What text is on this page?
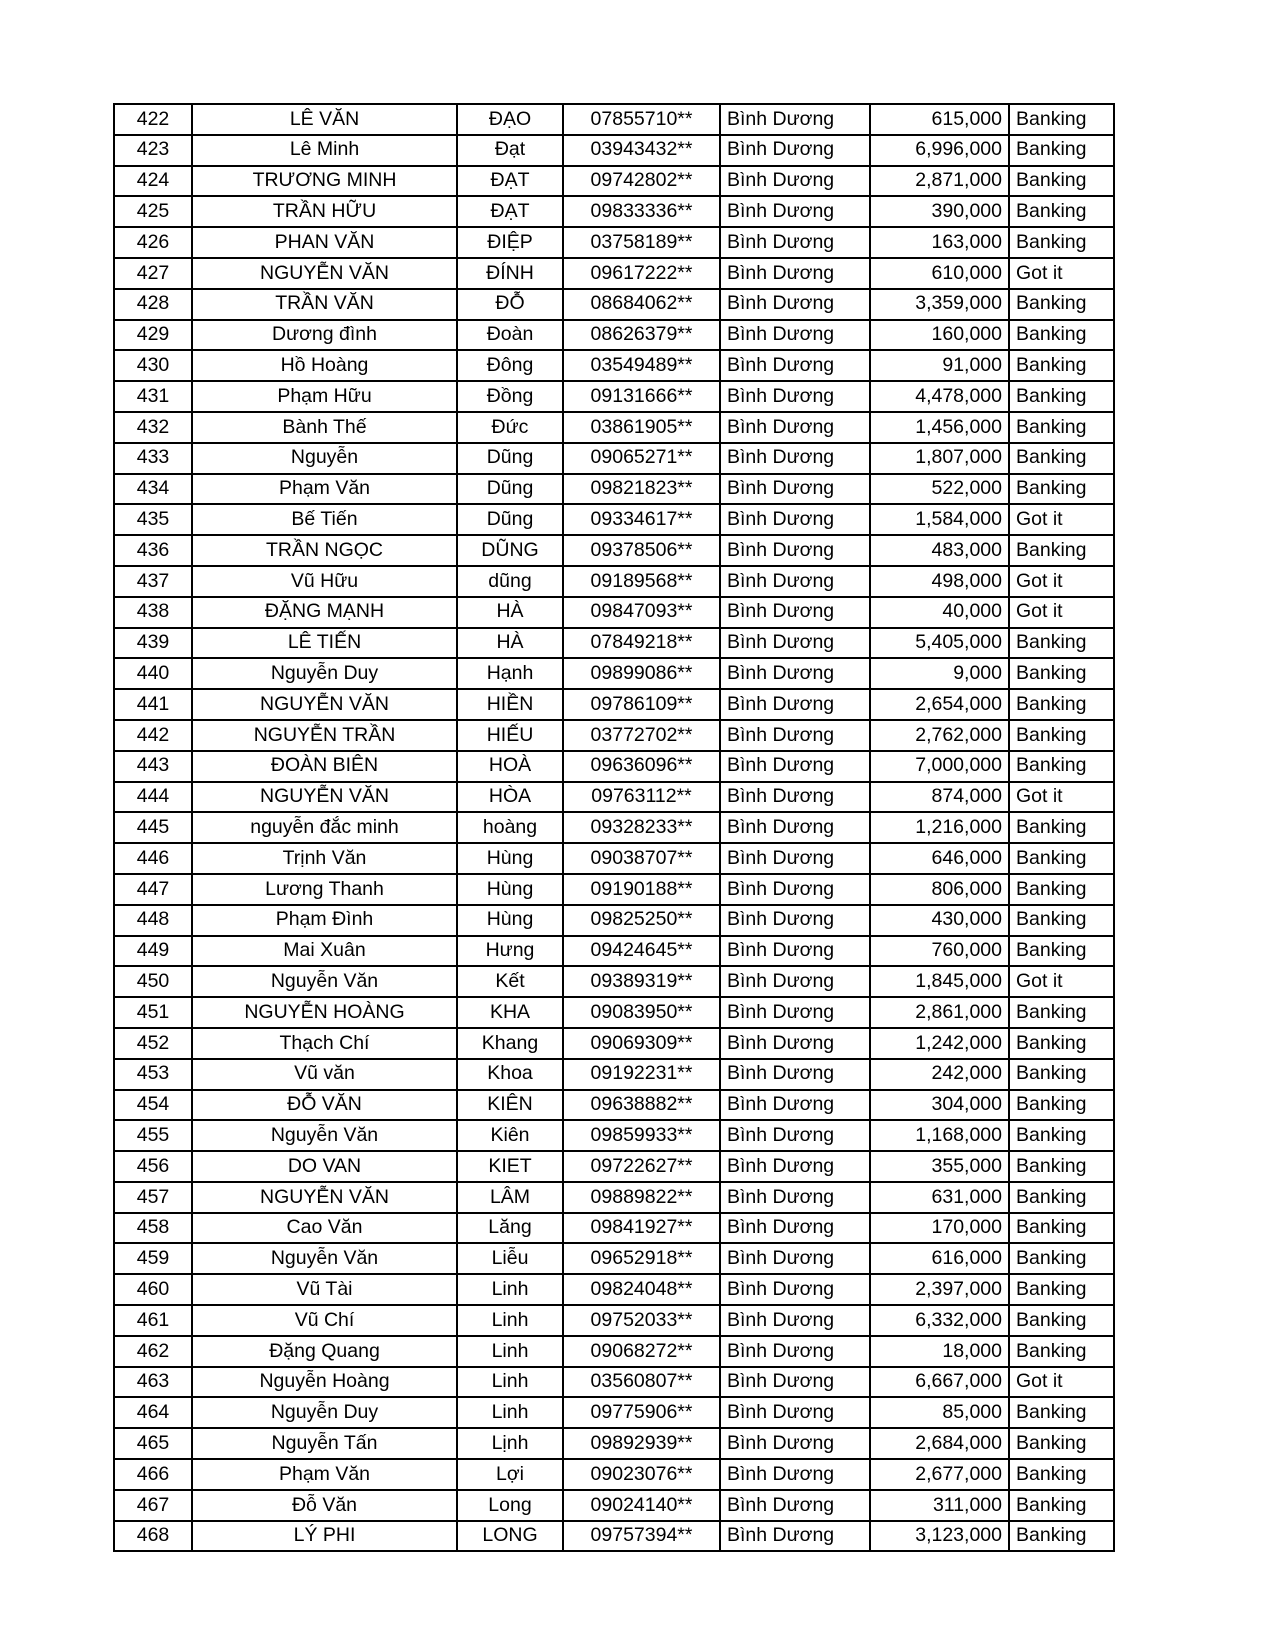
422	LÊ VĂN	ĐẠO	07855710**	Bình Dương	615,000	Banking
423	Lê Minh	Đạt	03943432**	Bình Dương	6,996,000	Banking
424	TRƯƠNG MINH	ĐẠT	09742802**	Bình Dương	2,871,000	Banking
425	TRẦN HỮU	ĐẠT	09833336**	Bình Dương	390,000	Banking
426	PHAN VĂN	ĐIỆP	03758189**	Bình Dương	163,000	Banking
427	NGUYỄN VĂN	ĐÍNH	09617222**	Bình Dương	610,000	Got it
428	TRẦN VĂN	ĐỖ	08684062**	Bình Dương	3,359,000	Banking
429	Dương đình	Đoàn	08626379**	Bình Dương	160,000	Banking
430	Hồ Hoàng	Đông	03549489**	Bình Dương	91,000	Banking
431	Phạm Hữu	Đồng	09131666**	Bình Dương	4,478,000	Banking
432	Bành Thế	Đức	03861905**	Bình Dương	1,456,000	Banking
433	Nguyễn	Dũng	09065271**	Bình Dương	1,807,000	Banking
434	Phạm Văn	Dũng	09821823**	Bình Dương	522,000	Banking
435	Bế Tiến	Dũng	09334617**	Bình Dương	1,584,000	Got it
436	TRẦN NGỌC	DŨNG	09378506**	Bình Dương	483,000	Banking
437	Vũ Hữu	dũng	09189568**	Bình Dương	498,000	Got it
438	ĐẶNG MẠNH	HÀ	09847093**	Bình Dương	40,000	Got it
439	LÊ TIẾN	HÀ	07849218**	Bình Dương	5,405,000	Banking
440	Nguyễn Duy	Hạnh	09899086**	Bình Dương	9,000	Banking
441	NGUYỄN VĂN	HIỀN	09786109**	Bình Dương	2,654,000	Banking
442	NGUYỄN TRẦN	HIẾU	03772702**	Bình Dương	2,762,000	Banking
443	ĐOÀN BIÊN	HOÀ	09636096**	Bình Dương	7,000,000	Banking
444	NGUYỄN VĂN	HÒA	09763112**	Bình Dương	874,000	Got it
445	nguyễn đắc minh	hoàng	09328233**	Bình Dương	1,216,000	Banking
446	Trịnh Văn	Hùng	09038707**	Bình Dương	646,000	Banking
447	Lương Thanh	Hùng	09190188**	Bình Dương	806,000	Banking
448	Phạm Đình	Hùng	09825250**	Bình Dương	430,000	Banking
449	Mai Xuân	Hưng	09424645**	Bình Dương	760,000	Banking
450	Nguyễn Văn	Kết	09389319**	Bình Dương	1,845,000	Got it
451	NGUYỄN HOÀNG	KHA	09083950**	Bình Dương	2,861,000	Banking
452	Thạch Chí	Khang	09069309**	Bình Dương	1,242,000	Banking
453	Vũ văn	Khoa	09192231**	Bình Dương	242,000	Banking
454	ĐỖ VĂN	KIÊN	09638882**	Bình Dương	304,000	Banking
455	Nguyễn Văn	Kiên	09859933**	Bình Dương	1,168,000	Banking
456	DO VAN	KIET	09722627**	Bình Dương	355,000	Banking
457	NGUYỄN VĂN	LÂM	09889822**	Bình Dương	631,000	Banking
458	Cao Văn	Lăng	09841927**	Bình Dương	170,000	Banking
459	Nguyễn Văn	Liễu	09652918**	Bình Dương	616,000	Banking
460	Vũ Tài	Linh	09824048**	Bình Dương	2,397,000	Banking
461	Vũ Chí	Linh	09752033**	Bình Dương	6,332,000	Banking
462	Đặng Quang	Linh	09068272**	Bình Dương	18,000	Banking
463	Nguyễn Hoàng	Linh	03560807**	Bình Dương	6,667,000	Got it
464	Nguyễn Duy	Linh	09775906**	Bình Dương	85,000	Banking
465	Nguyễn Tấn	Lịnh	09892939**	Bình Dương	2,684,000	Banking
466	Phạm Văn	Lợi	09023076**	Bình Dương	2,677,000	Banking
467	Đỗ Văn	Long	09024140**	Bình Dương	311,000	Banking
468	LÝ PHI	LONG	09757394**	Bình Dương	3,123,000	Banking
